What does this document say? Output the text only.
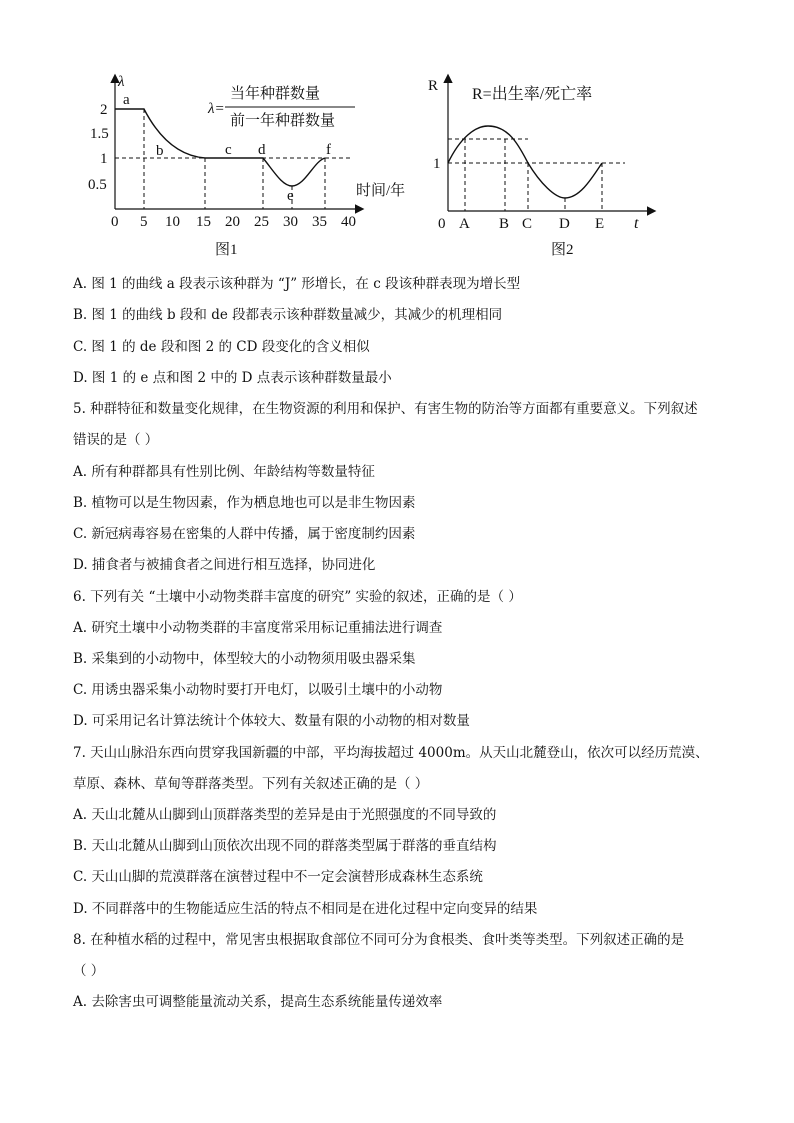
λ
λ=
当年种群数量
前一年种群数量
2
1.5
1
0.5
0 5 10 15 20 25 30 35 40
时间/年
a
b	c d
e
f
图1
R R=出生率/死亡率
1
0 A B C D E t
图2
A. 图 1 的曲线 a 段表示该种群为 “J” 形增长，在 c 段该种群表现为增长型
B. 图 1 的曲线 b 段和 de 段都表示该种群数量减少，其减少的机理相同
C. 图 1 的 de 段和图 2 的 CD 段变化的含义相似
D. 图 1 的 e 点和图 2 中的 D 点表示该种群数量最小
5. 种群特征和数量变化规律，在生物资源的利用和保护、有害生物的防治等方面都有重要意义。下列叙述
错误的是（ ）
A. 所有种群都具有性别比例、年龄结构等数量特征
B. 植物可以是生物因素，作为栖息地也可以是非生物因素
C. 新冠病毒容易在密集的人群中传播，属于密度制约因素
D. 捕食者与被捕食者之间进行相互选择，协同进化
6. 下列有关 “土壤中小动物类群丰富度的研究” 实验的叙述，正确的是（ ）
A. 研究土壤中小动物类群的丰富度常采用标记重捕法进行调查
B. 采集到的小动物中，体型较大的小动物须用吸虫器采集
C. 用诱虫器采集小动物时要打开电灯，以吸引土壤中的小动物
D. 可采用记名计算法统计个体较大、数量有限的小动物的相对数量
7. 天山山脉沿东西向贯穿我国新疆的中部，平均海拔超过 4000m。从天山北麓登山，依次可以经历荒漠、
草原、森林、草甸等群落类型。下列有关叙述正确的是（ ）
A. 天山北麓从山脚到山顶群落类型的差异是由于光照强度的不同导致的
B. 天山北麓从山脚到山顶依次出现不同的群落类型属于群落的垂直结构
C. 天山山脚的荒漠群落在演替过程中不一定会演替形成森林生态系统
D. 不同群落中的生物能适应生活的特点不相同是在进化过程中定向变异的结果
8. 在种植水稻的过程中，常见害虫根据取食部位不同可分为食根类、食叶类等类型。下列叙述正确的是
（ ）
A. 去除害虫可调整能量流动关系，提高生态系统能量传递效率
